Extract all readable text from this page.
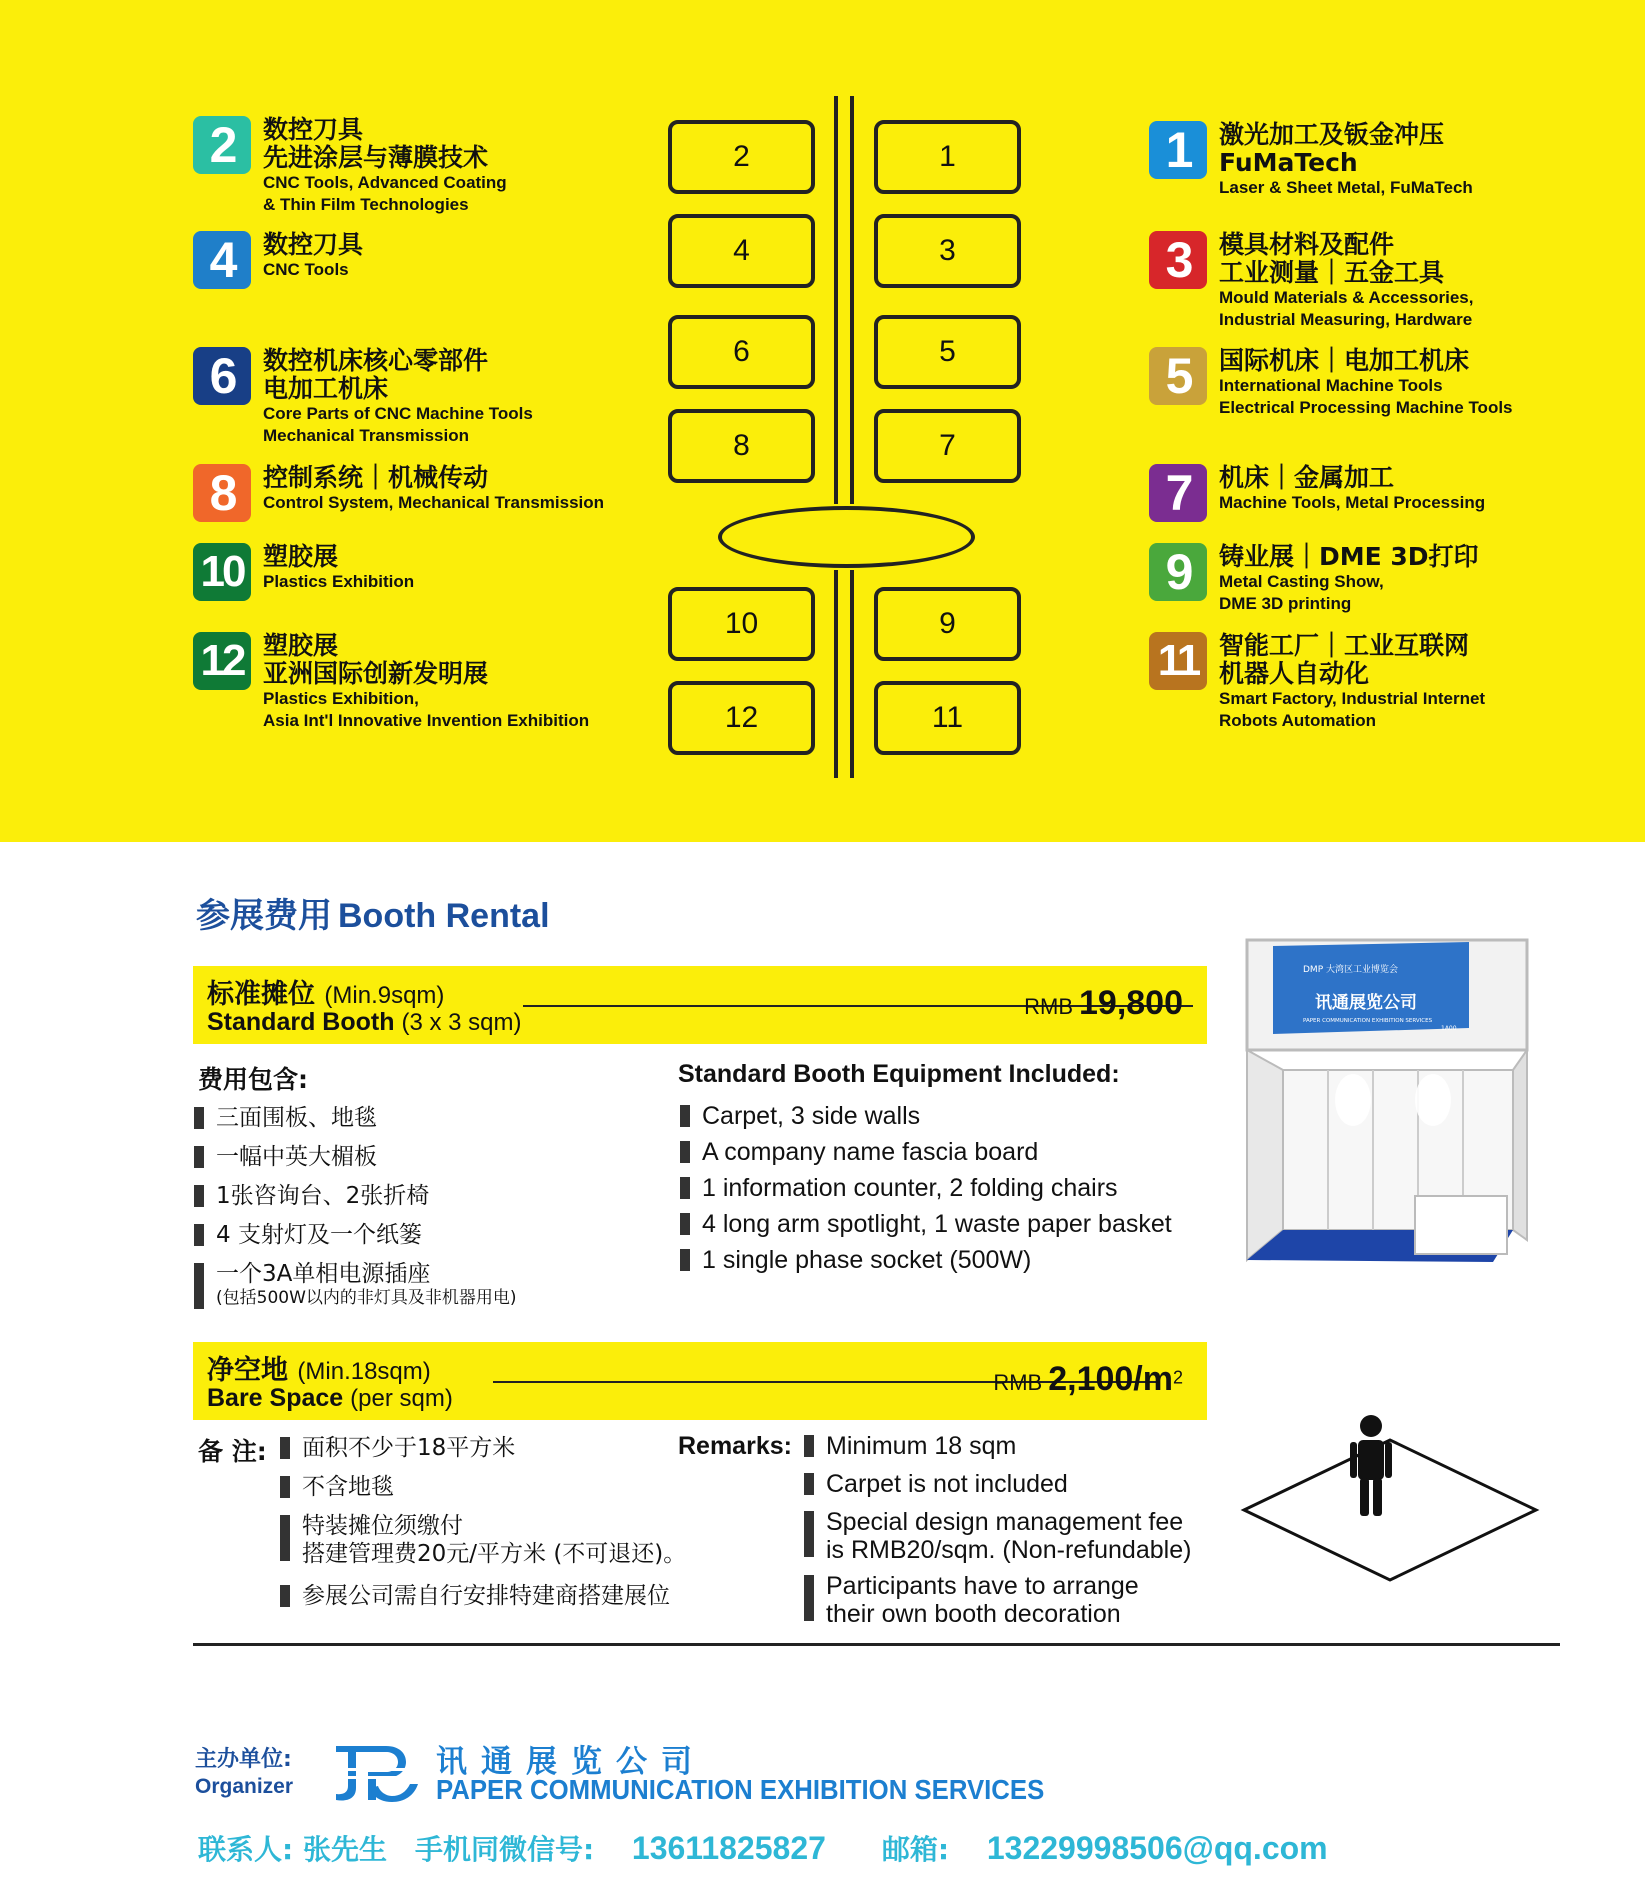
2	数控刀具
先进涂层与薄膜技术
CNC Tools, Advanced Coating
& Thin Film Technologies
4	数控刀具
CNC Tools
6	数控机床核心零部件
电加工机床
Core Parts of CNC Machine Tools
Mechanical Transmission
8	控制系统｜机械传动
Control System, Mechanical Transmission
10 塑胶展
Plastics Exhibition
12 塑胶展
亚洲国际创新发明展
Plastics Exhibition,
Asia Int'l Innovative Invention Exhibition
1	激光加工及钣金冲压
FuMaTech
Laser & Sheet Metal, FuMaTech
3	模具材料及配件
工业测量｜五金工具
Mould Materials & Accessories,
Industrial Measuring, Hardware
5	国际机床｜电加工机床
International Machine Tools
Electrical Processing Machine Tools
7	机床｜金属加工
Machine Tools, Metal Processing
9	铸业展｜DME 3D打印
Metal Casting Show,
DME 3D printing
11 智能工厂｜工业互联网
机器人自动化
Smart Factory, Industrial Internet
Robots Automation
2	1
4	3
6	5
8	7
10	9
12	11
参展费用 Booth Rental
标准摊位 (Min.9sqm)
Standard Booth (3 x 3 sqm)
RMB 19,800
费用包含:
三面围板、地毯
一幅中英大楣板
1张咨询台、2张折椅
4 支射灯及一个纸篓
一个3A单相电源插座
(包括500W以内的非灯具及非机器用电)
Standard Booth Equipment Included:
Carpet, 3 side walls
A company name fascia board
1 information counter, 2 folding chairs
4 long arm spotlight, 1 waste paper basket
1 single phase socket (500W)
DMP 大湾区工业博览会
讯通展览公司
PAPER COMMUNICATION EXHIBITION SERVICES
1A00
净空地 (Min.18sqm)
Bare Space (per sqm)
RMB $2,100/m^2$
备 注: 面积不少于18平方米
不含地毯
特装摊位须缴付
搭建管理费20元/平方米 (不可退还)。
参展公司需自行安排特建商搭建展位
Remarks: Minimum 18 sqm
Carpet is not included
Special design management fee
is RMB20/sqm. (Non-refundable)
Participants have to arrange
their own booth decoration
主办单位:
Organizer
讯通展览公司
PAPER COMMUNICATION EXHIBITION SERVICES
联系人: 张先生 手机同微信号: 13611825827 邮箱: 13229998506@qq.com
